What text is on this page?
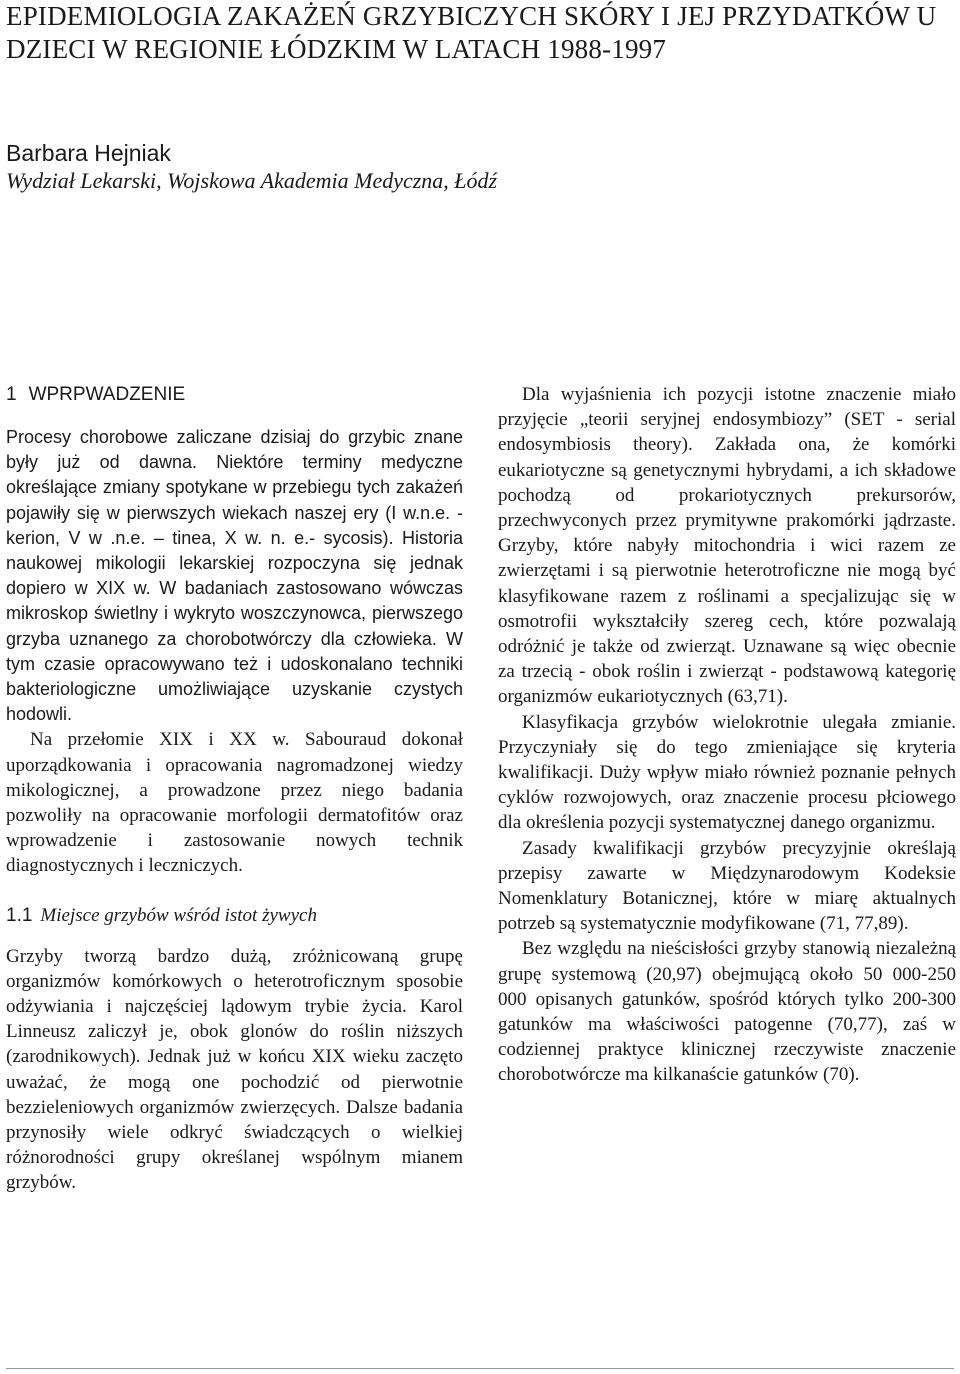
EPIDEMIOLOGIA ZAKAŻEŃ GRZYBICZYCH SKÓRY I JEJ PRZYDATKÓW U DZIECI W REGIONIE ŁÓDZKIM W LATACH 1988-1997
Barbara Hejniak
Wydział Lekarski, Wojskowa Akademia Medyczna, Łódź
1 WPRPWADZENIE

Procesy chorobowe zaliczane dzisiaj do grzybic znane były już od dawna. Niektóre terminy medyczne określające zmiany spotykane w przebiegu tych zakażeń pojawiły się w pierwszych wiekach naszej ery (I w.n.e. - kerion, V w .n.e. – tinea, X w. n. e.- sycosis). Historia naukowej mikologii lekarskiej rozpoczyna się jednak dopiero w XIX w. W badaniach zastosowano wówczas mikroskop świetlny i wykryto woszczynowca, pierwszego grzyba uznanego za chorobotwórczy dla człowieka. W tym czasie opracowywano też i udoskonalano techniki bakteriologiczne umożliwiające uzyskanie czystych hodowli.

Na przełomie XIX i XX w. Sabouraud dokonał uporządkowania i opracowania nagromadzonej wiedzy mikologicznej, a prowadzone przez niego badania pozwoliły na opracowanie morfologii dermatofitów oraz wprowadzenie i zastosowanie nowych technik diagnostycznych i leczniczych.

1.1 Miejsce grzybów wśród istot żywych

Grzyby tworzą bardzo dużą, zróżnicowaną grupę organizmów komórkowych o heterotroficznym sposobie odżywiania i najczęściej lądowym trybie życia. Karol Linneusz zaliczył je, obok glonów do roślin niższych (zarodnikowych). Jednak już w końcu XIX wieku zaczęto uważać, że mogą one pochodzić od pierwotnie bezzieleniowych organizmów zwierzęcych. Dalsze badania przynosiły wiele odkryć świadczących o wielkiej różnorodności grupy określanej wspólnym mianem grzybów.

Dla wyjaśnienia ich pozycji istotne znaczenie miało przyjęcie „teorii seryjnej endosymbiozy” (SET - serial endosymbiosis theory). Zakłada ona, że komórki eukariotyczne są genetycznymi hybrydami, a ich składowe pochodzą od prokariotycznych prekursorów, przechwyconych przez prymitywne prakomórki jądrzaste. Grzyby, które nabyły mitochondria i wici razem ze zwierzętami i są pierwotnie heterotroficzne nie mogą być klasyfikowane razem z roślinami a specjalizując się w osmotrofii wykształciły szereg cech, które pozwalają odróżnić je także od zwierząt. Uznawane są więc obecnie za trzecią - obok roślin i zwierząt - podstawową kategorię organizmów eukariotycznych (63,71).

Klasyfikacja grzybów wielokrotnie ulegała zmianie. Przyczyniały się do tego zmieniające się kryteria kwalifikacji. Duży wpływ miało również poznanie pełnych cyklów rozwojowych, oraz znaczenie procesu płciowego dla określenia pozycji systematycznej danego organizmu.

Zasady kwalifikacji grzybów precyzyjnie określają przepisy zawarte w Międzynarodowym Kodeksie Nomenklatury Botanicznej, które w miarę aktualnych potrzeb są systematycznie modyfikowane (71, 77,89).

Bez względu na nieścisłości grzyby stanowią niezależną grupę systemową (20,97) obejmującą około 50 000-250 000 opisanych gatunków, spośród których tylko 200-300 gatunków ma właściwości patogenne (70,77), zaś w codziennej praktyce klinicznej rzeczywiste znaczenie chorobotwórcze ma kilkanaście gatunków (70).
